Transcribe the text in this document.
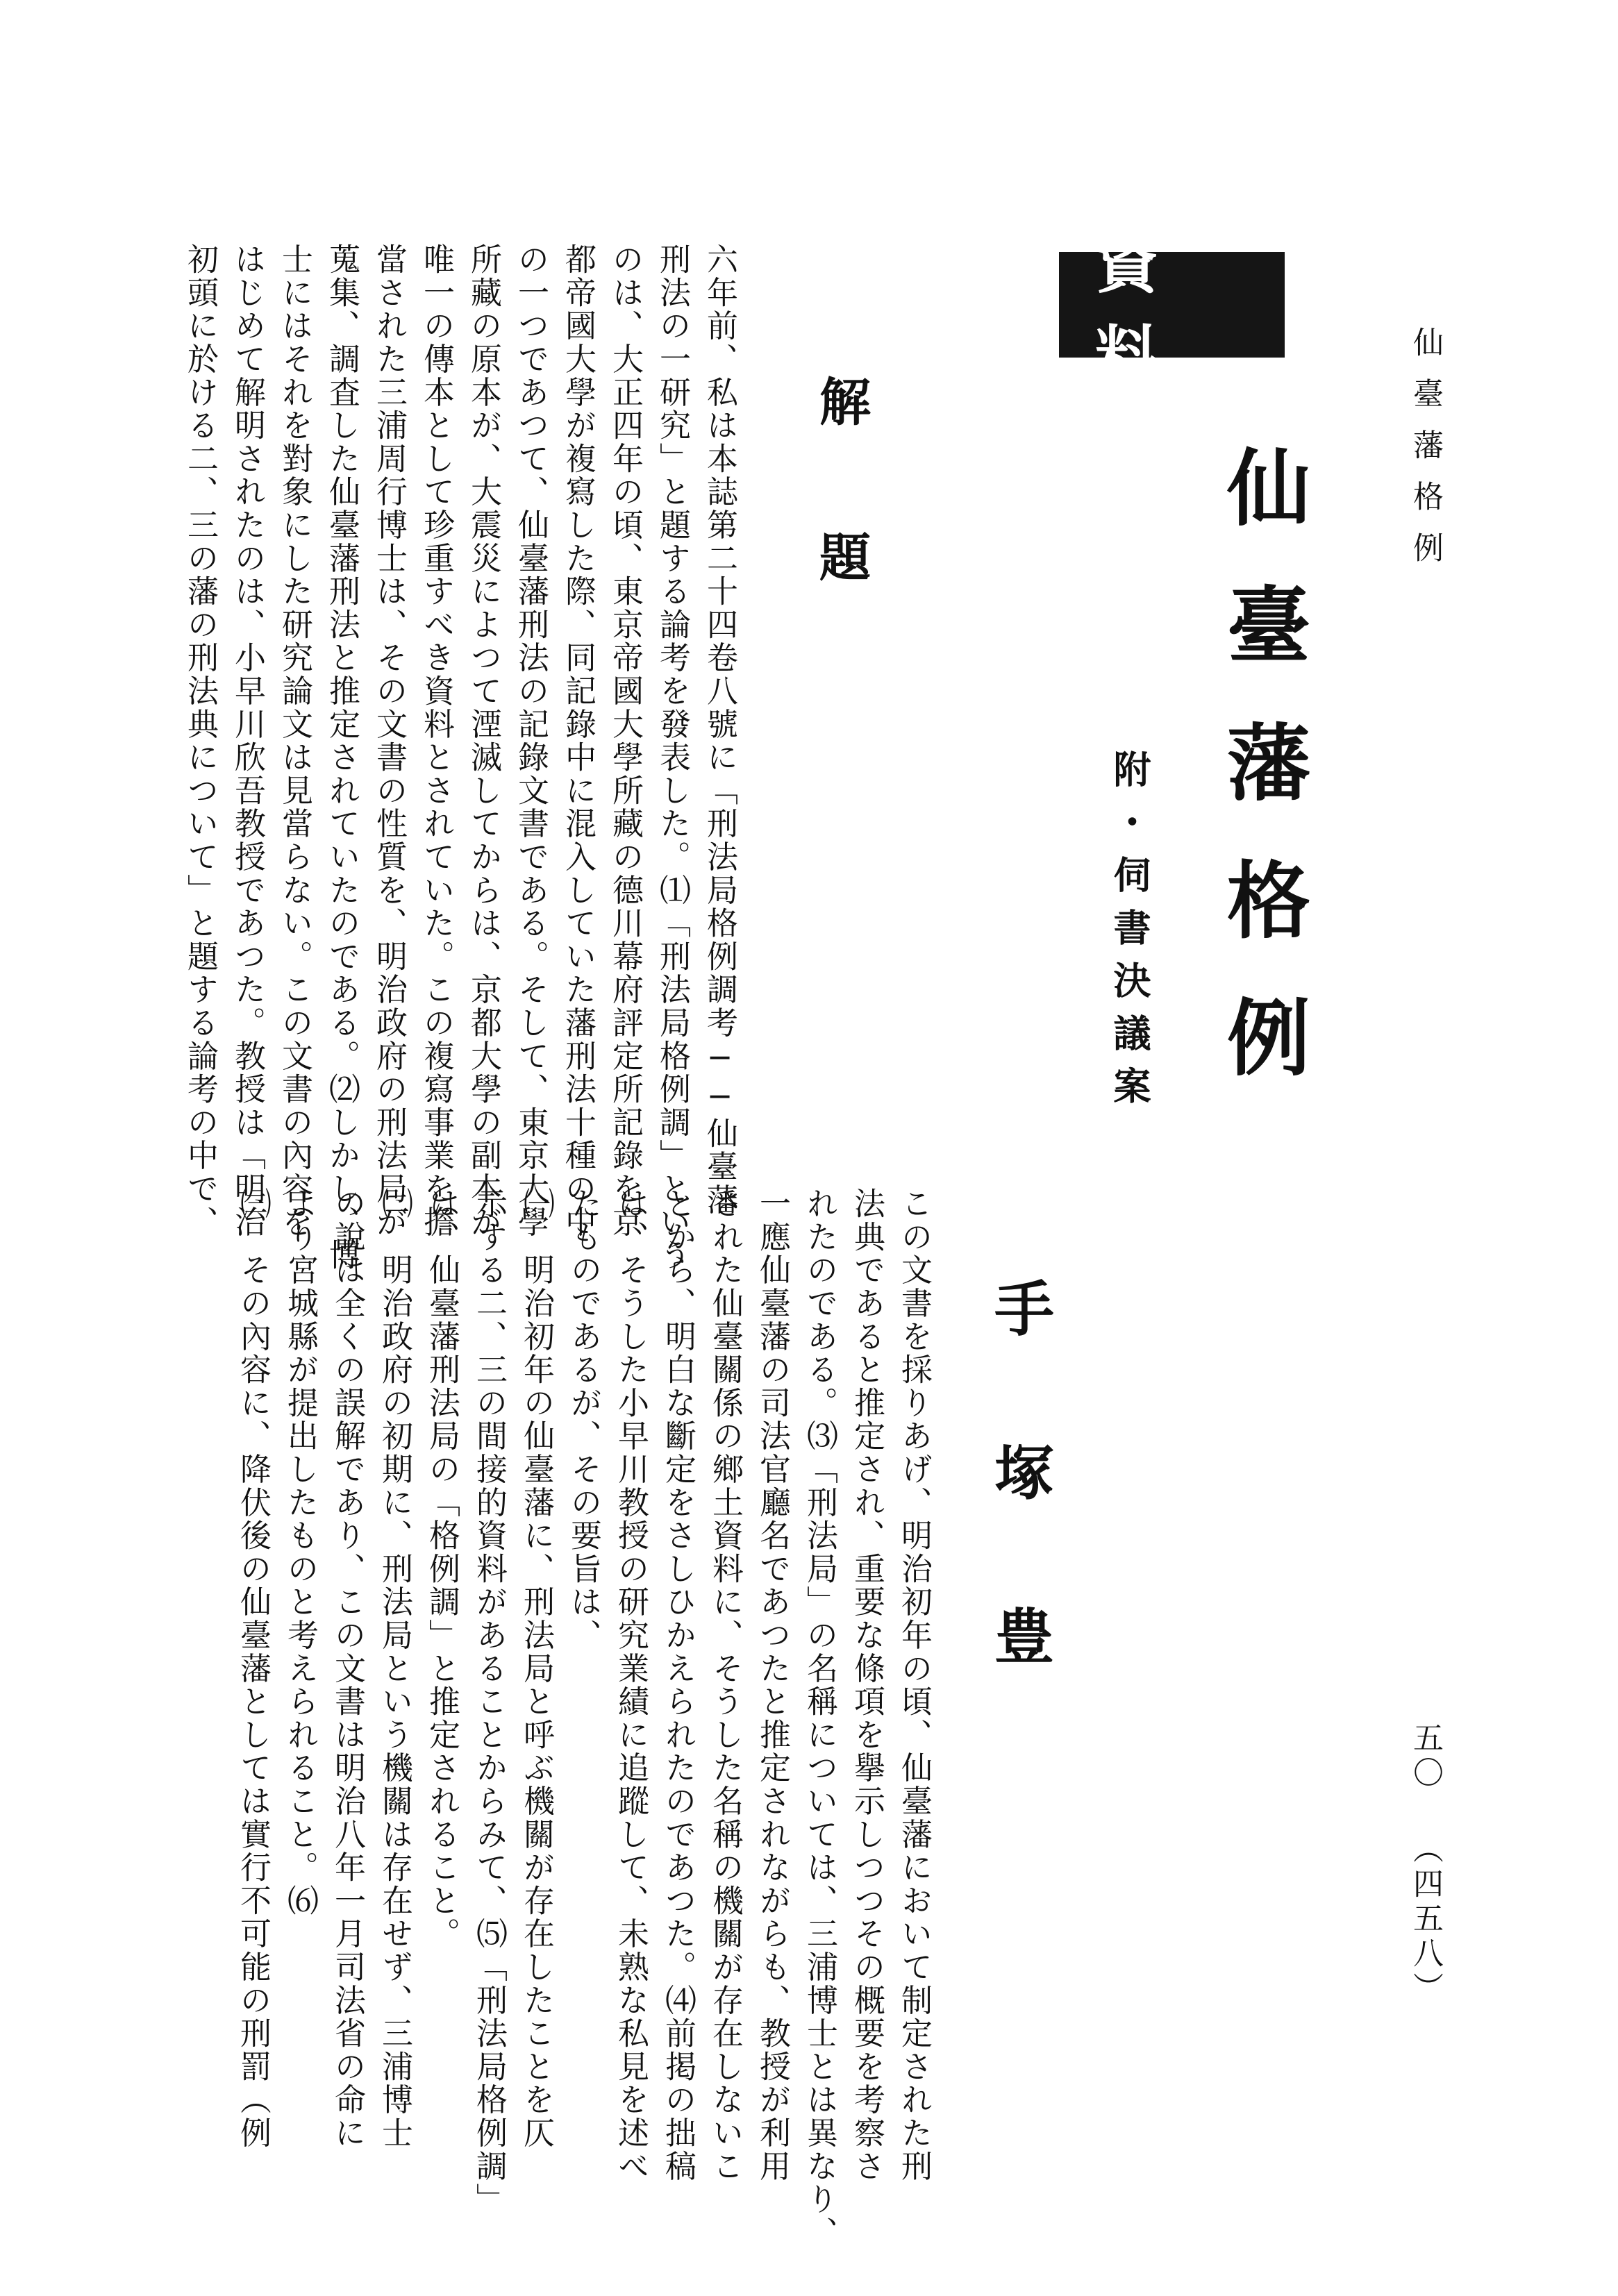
仙臺藩格例
五〇
（四五八）
資料
仙臺藩格例
附・伺書決議案
手塚豊
解題

六年前、私は本誌第二十四卷八號に「刑法局格例調考──仙臺藩

刑法の一研究」と題する論考を發表した。⑴「刑法局格例調」という

のは、大正四年の頃、東京帝國大學所藏の德川幕府評定所記錄を京

都帝國大學が複寫した際、同記錄中に混入していた藩刑法十種の中

の一つであつて、仙臺藩刑法の記錄文書である。そして、東京大學

所藏の原本が、大震災によつて湮滅してからは、京都大學の副本が

唯一の傳本として珍重すべき資料とされていた。この複寫事業を擔

當された三浦周行博士は、その文書の性質を、明治政府の刑法局が

蒐集、調査した仙臺藩刑法と推定されていたのである。⑵しかし、博

士にはそれを對象にした研究論文は見當らない。この文書の內容を

はじめて解明されたのは、小早川欣吾教授であつた。教授は「明治

初頭に於ける二、三の藩の刑法典について」と題する論考の中で、

この文書を採りあげ、明治初年の頃、仙臺藩において制定された刑

法典であると推定され、重要な條項を擧示しつつその概要を考察さ

れたのである。⑶「刑法局」の名稱については、三浦博士とは異なり、

一應仙臺藩の司法官廳名であつたと推定されながらも、教授が利用

された仙臺關係の鄉土資料に、そうした名稱の機關が存在しないこ

とから、明白な斷定をさしひかえられたのであつた。⑷前掲の拙稿

は、そうした小早川教授の研究業績に追蹤して、未熟な私見を述べ

たものであるが、その要旨は、

㈠　明治初年の仙臺藩に、刑法局と呼ぶ機關が存在したことを仄

示する二、三の間接的資料があることからみて、⑸「刑法局格例調」

は、仙臺藩刑法局の「格例調」と推定されること。

㈡　明治政府の初期に、刑法局という機關は存在せず、三浦博士

の說は全くの誤解であり、この文書は明治八年一月司法省の命に

より宮城縣が提出したものと考えられること。⑹

㈢　その內容に、降伏後の仙臺藩としては實行不可能の刑罰（例
